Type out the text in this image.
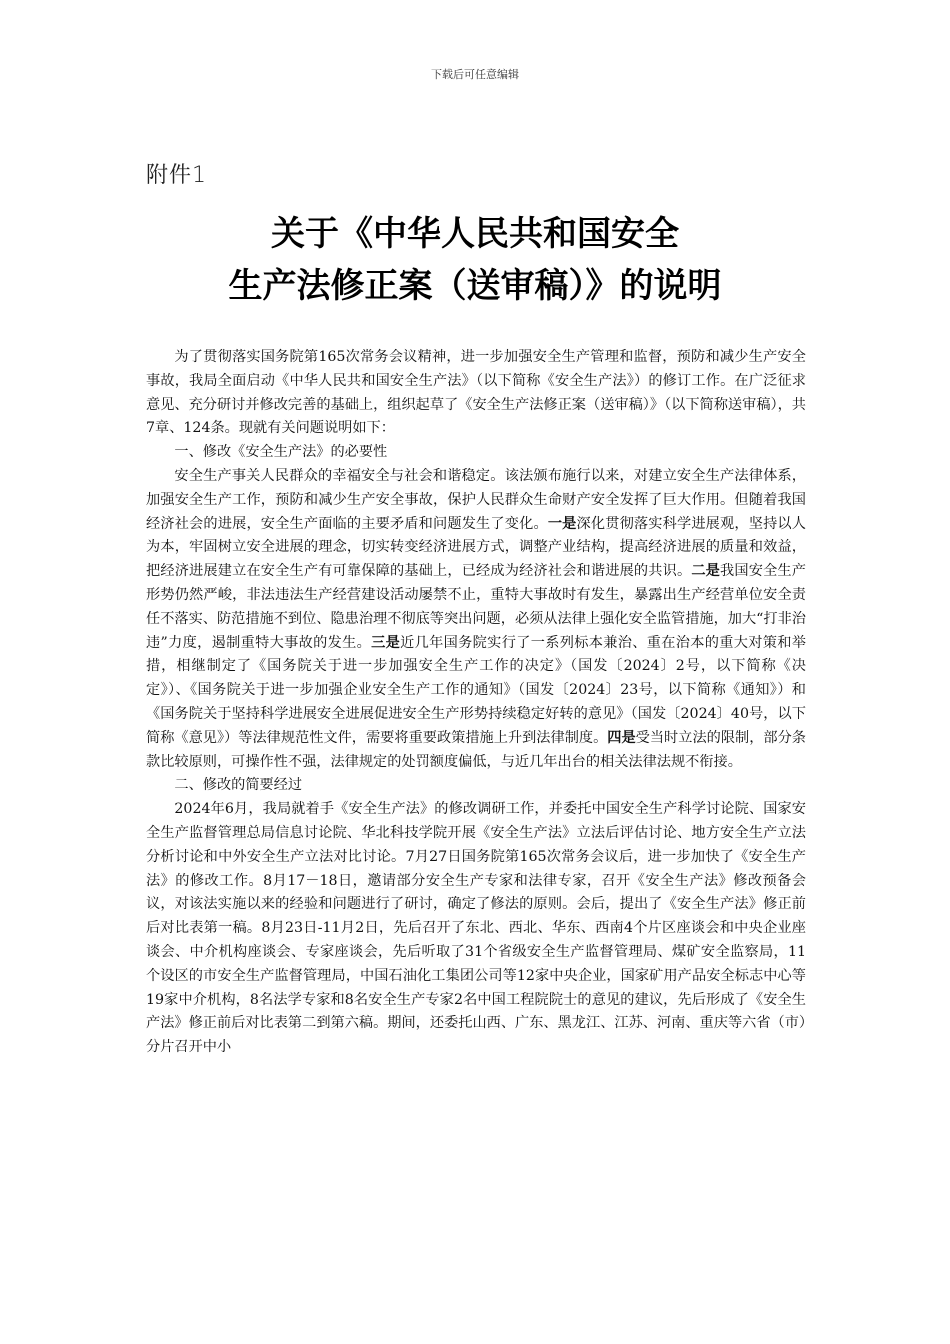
下载后可任意编辑
附件1
关于《中华人民共和国安全
生产法修正案（送审稿）》的说明

为了贯彻落实国务院第165次常务会议精神，进一步加强安全生产管理和监督，预防和减少生产安全事故，我局全面启动《中华人民共和国安全生产法》（以下简称《安全生产法》）的修订工作。在广泛征求意见、充分研讨并修改完善的基础上，组织起草了《安全生产法修正案（送审稿）》（以下简称送审稿），共7章、124条。现就有关问题说明如下：

一、修改《安全生产法》的必要性

安全生产事关人民群众的幸福安全与社会和谐稳定。该法颁布施行以来，对建立安全生产法律体系，加强安全生产工作，预防和减少生产安全事故，保护人民群众生命财产安全发挥了巨大作用。但随着我国经济社会的进展，安全生产面临的主要矛盾和问题发生了变化。一是深化贯彻落实科学进展观，坚持以人为本，牢固树立安全进展的理念，切实转变经济进展方式，调整产业结构，提高经济进展的质量和效益，把经济进展建立在安全生产有可靠保障的基础上，已经成为经济社会和谐进展的共识。二是我国安全生产形势仍然严峻，非法违法生产经营建设活动屡禁不止，重特大事故时有发生，暴露出生产经营单位安全责任不落实、防范措施不到位、隐患治理不彻底等突出问题，必须从法律上强化安全监管措施，加大“打非治违”力度，遏制重特大事故的发生。三是近几年国务院实行了一系列标本兼治、重在治本的重大对策和举措，相继制定了《国务院关于进一步加强安全生产工作的决定》（国发〔2024〕2号，以下简称《决定》）、《国务院关于进一步加强企业安全生产工作的通知》（国发〔2024〕23号，以下简称《通知》）和《国务院关于坚持科学进展安全进展促进安全生产形势持续稳定好转的意见》（国发〔2024〕40号，以下简称《意见》）等法律规范性文件，需要将重要政策措施上升到法律制度。四是受当时立法的限制，部分条款比较原则，可操作性不强，法律规定的处罚额度偏低，与近几年出台的相关法律法规不衔接。

二、修改的简要经过

2024年6月，我局就着手《安全生产法》的修改调研工作，并委托中国安全生产科学讨论院、国家安全生产监督管理总局信息讨论院、华北科技学院开展《安全生产法》立法后评估讨论、地方安全生产立法分析讨论和中外安全生产立法对比讨论。7月27日国务院第165次常务会议后，进一步加快了《安全生产法》的修改工作。8月17－18日，邀请部分安全生产专家和法律专家，召开《安全生产法》修改预备会议，对该法实施以来的经验和问题进行了研讨，确定了修法的原则。会后，提出了《安全生产法》修正前后对比表第一稿。8月23日-11月2日，先后召开了东北、西北、华东、西南4个片区座谈会和中央企业座谈会、中介机构座谈会、专家座谈会，先后听取了31个省级安全生产监督管理局、煤矿安全监察局，11个设区的市安全生产监督管理局，中国石油化工集团公司等12家中央企业，国家矿用产品安全标志中心等19家中介机构，8名法学专家和8名安全生产专家2名中国工程院院士的意见的建议，先后形成了《安全生产法》修正前后对比表第二到第六稿。期间，还委托山西、广东、黑龙江、江苏、河南、重庆等六省（市）分片召开中小
